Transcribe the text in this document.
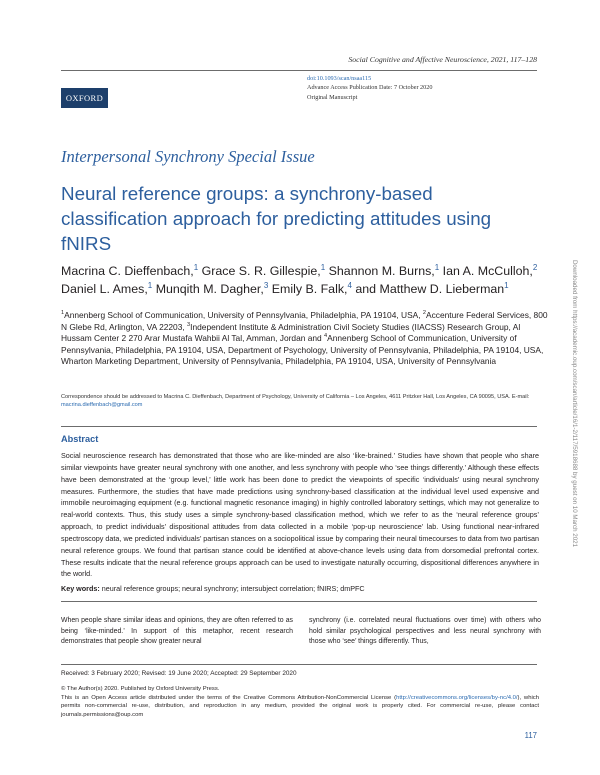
OXFORD
Social Cognitive and Affective Neuroscience, 2021, 117–128
doi:10.1093/scan/nsaa115
Advance Access Publication Date: 7 October 2020
Original Manuscript
Downloaded from https://academic.oup.com/scan/article/16/1-2/117/5918688 by guest on 10 March 2021
Interpersonal Synchrony Special Issue
Neural reference groups: a synchrony-based classification approach for predicting attitudes using fNIRS
Macrina C. Dieffenbach,$^1$ Grace S. R. Gillespie,$^1$ Shannon M. Burns,$^1$ Ian A. McCulloh,$^2$ Daniel L. Ames,$^1$ Munqith M. Dagher,$^3$ Emily B. Falk,$^4$ and Matthew D. Lieberman$^1$
$^1$Annenberg School of Communication, University of Pennsylvania, Philadelphia, PA 19104, USA, $^2$Accenture Federal Services, 800 N Glebe Rd, Arlington, VA 22203, $^3$Independent Institute & Administration Civil Society Studies (IIACSS) Research Group, Al Hussam Center 2 270 Arar Mustafa Wahbii Al Tal, Amman, Jordan and $^4$Annenberg School of Communication, University of Pennsylvania, Philadelphia, PA 19104, USA, Department of Psychology, University of Pennsylvania, Philadelphia, PA 19104, USA, Wharton Marketing Department, University of Pennsylvania, Philadelphia, PA 19104, USA, University of Pennsylvania
Correspondence should be addressed to Macrina C. Dieffenbach, Department of Psychology, University of California – Los Angeles, 4611 Pritzker Hall, Los Angeles, CA 90095, USA. E-mail: macrina.dieffenbach@gmail.com
Abstract
Social neuroscience research has demonstrated that those who are like-minded are also ‘like-brained.’ Studies have shown that people who share similar viewpoints have greater neural synchrony with one another, and less synchrony with people who ‘see things differently.’ Although these effects have been demonstrated at the ‘group level,’ little work has been done to predict the viewpoints of specific ‘individuals’ using neural synchrony measures. Furthermore, the studies that have made predictions using synchrony-based classification at the individual level used expensive and immobile neuroimaging equipment (e.g. functional magnetic resonance imaging) in highly controlled laboratory settings, which may not generalize to real-world contexts. Thus, this study uses a simple synchrony-based classification method, which we refer to as the ‘neural reference groups’ approach, to predict individuals’ dispositional attitudes from data collected in a mobile ‘pop-up neuroscience’ lab. Using functional near-infrared spectroscopy data, we predicted individuals’ partisan stances on a sociopolitical issue by comparing their neural timecourses to data from two partisan neural reference groups. We found that partisan stance could be identified at above-chance levels using data from dorsomedial prefrontal cortex. These results indicate that the neural reference groups approach can be used to investigate naturally occurring, dispositional differences anywhere in the world.
Key words: neural reference groups; neural synchrony; intersubject correlation; fNIRS; dmPFC
When people share similar ideas and opinions, they are often referred to as being ‘like-minded.’ In support of this metaphor, recent research demonstrates that people show greater neural
synchrony (i.e. correlated neural fluctuations over time) with others who hold similar psychological perspectives and less neural synchrony with those who ‘see’ things differently. Thus,
Received: 3 February 2020; Revised: 19 June 2020; Accepted: 29 September 2020
© The Author(s) 2020. Published by Oxford University Press.
This is an Open Access article distributed under the terms of the Creative Commons Attribution-NonCommercial License (http://creativecommons.org/licenses/by-nc/4.0/), which permits non-commercial re-use, distribution, and reproduction in any medium, provided the original work is properly cited. For commercial re-use, please contact journals.permissions@oup.com
117
